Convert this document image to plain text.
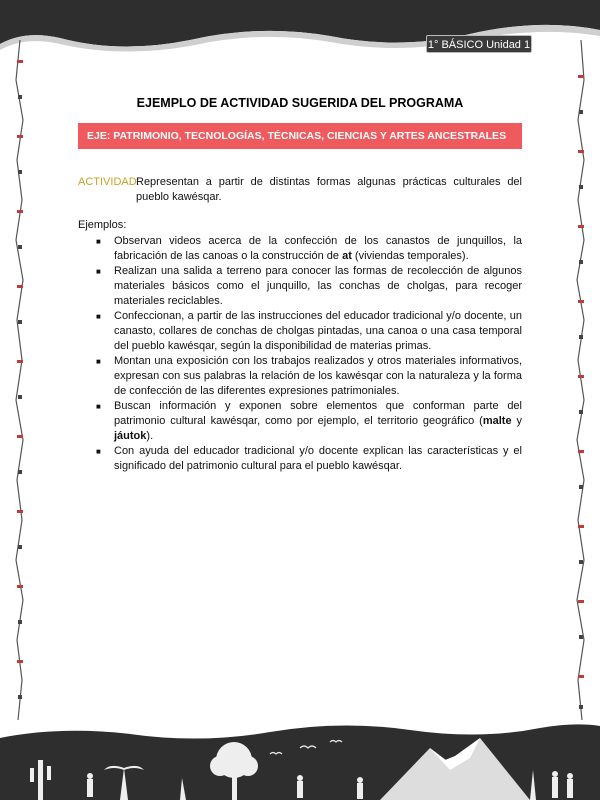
1° BÁSICO Unidad 1
EJEMPLO DE ACTIVIDAD SUGERIDA DEL PROGRAMA
EJE: PATRIMONIO, TECNOLOGÍAS, TÉCNICAS, CIENCIAS Y ARTES ANCESTRALES
ACTIVIDAD:
Representan a partir de distintas formas algunas prácticas culturales del pueblo kawésqar.
Ejemplos:
■ Observan videos acerca de la confección de los canastos de junquillos, la fabricación de las canoas o la construcción de at (viviendas temporales).
■ Realizan una salida a terreno para conocer las formas de recolección de algunos materiales básicos como el junquillo, las conchas de cholgas, para recoger materiales reciclables.
■ Confeccionan, a partir de las instrucciones del educador tradicional y/o docente, un canasto, collares de conchas de cholgas pintadas, una canoa o una casa temporal del pueblo kawésqar, según la disponibilidad de materias primas.
■ Montan una exposición con los trabajos realizados y otros materiales informativos, expresan con sus palabras la relación de los kawésqar con la naturaleza y la forma de confección de las diferentes expresiones patrimoniales.
■ Buscan información y exponen sobre elementos que conforman parte del patrimonio cultural kawésqar, como por ejemplo, el territorio geográfico (malte y jáutok).
■ Con ayuda del educador tradicional y/o docente explican las características y el significado del patrimonio cultural para el pueblo kawésqar.
